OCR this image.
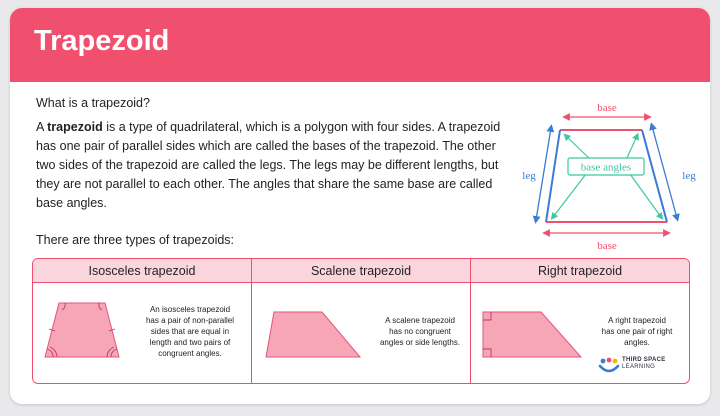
Trapezoid
What is a trapezoid?
A trapezoid is a type of quadrilateral, which is a polygon with four sides. A trapezoid has one pair of parallel sides which are called the bases of the trapezoid. The other two sides of the trapezoid are called the legs. The legs may be different lengths, but they are not parallel to each other. The angles that share the same base are called base angles.
base
leg	leg
base angles
base
There are three types of trapezoids:
Isosceles trapezoid
An isosceles trapezoid
has a pair of non-parallel
sides that are equal in
length and two pairs of
congruent angles.
Scalene trapezoid
A scalene trapezoid
has no congruent
angles or side lengths.
Right trapezoid
A right trapezoid
has one pair of right
angles.
THIRD SPACE
LEARNING
